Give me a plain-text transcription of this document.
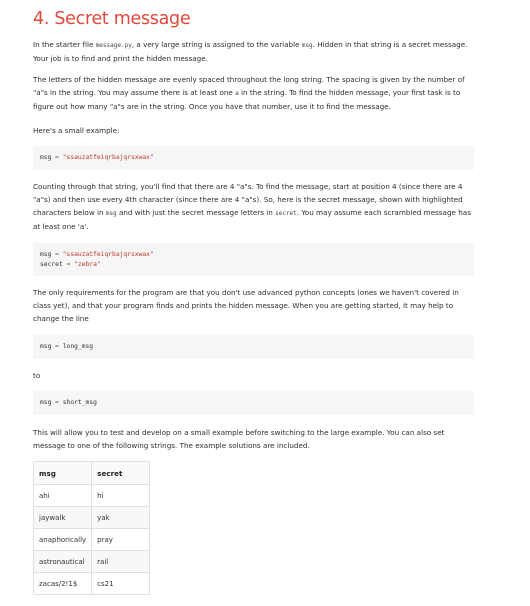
4. Secret message

In the starter file message.py, a very large string is assigned to the variable msg. Hidden in that string is a secret message. Your job is to find and print the hidden message.

The letters of the hidden message are evenly spaced throughout the long string. The spacing is given by the number of "a"s in the string. You may assume there is at least one a in the string. To find the hidden message, your first task is to figure out how many "a"s are in the string. Once you have that number, use it to find the message.

Here's a small example:

msg = "ssauzatfeiqrbajqrsxwax"

Counting through that string, you'll find that there are 4 "a"s. To find the message, start at position 4 (since there are 4 "a"s) and then use every 4th character (since there are 4 "a"s). So, here is the secret message, shown with highlighted characters below in msg and with just the secret message letters in secret. You may assume each scrambled message has at least one 'a'.

msg = "ssauzatfeiqrbajqrsxwax"
secret = "zebra"

The only requirements for the program are that you don't use advanced python concepts (ones we haven't covered in class yet), and that your program finds and prints the hidden message. When you are getting started, it may help to change the line

msg = long_msg

to

msg = short_msg

This will allow you to test and develop on a small example before switching to the large example. You can also set message to one of the following strings. The example solutions are included.

msg	secret
ahi	hi
jaywalk	yak
anaphorically	pray
astronautical	rail
zacas/2!1$	cs21
